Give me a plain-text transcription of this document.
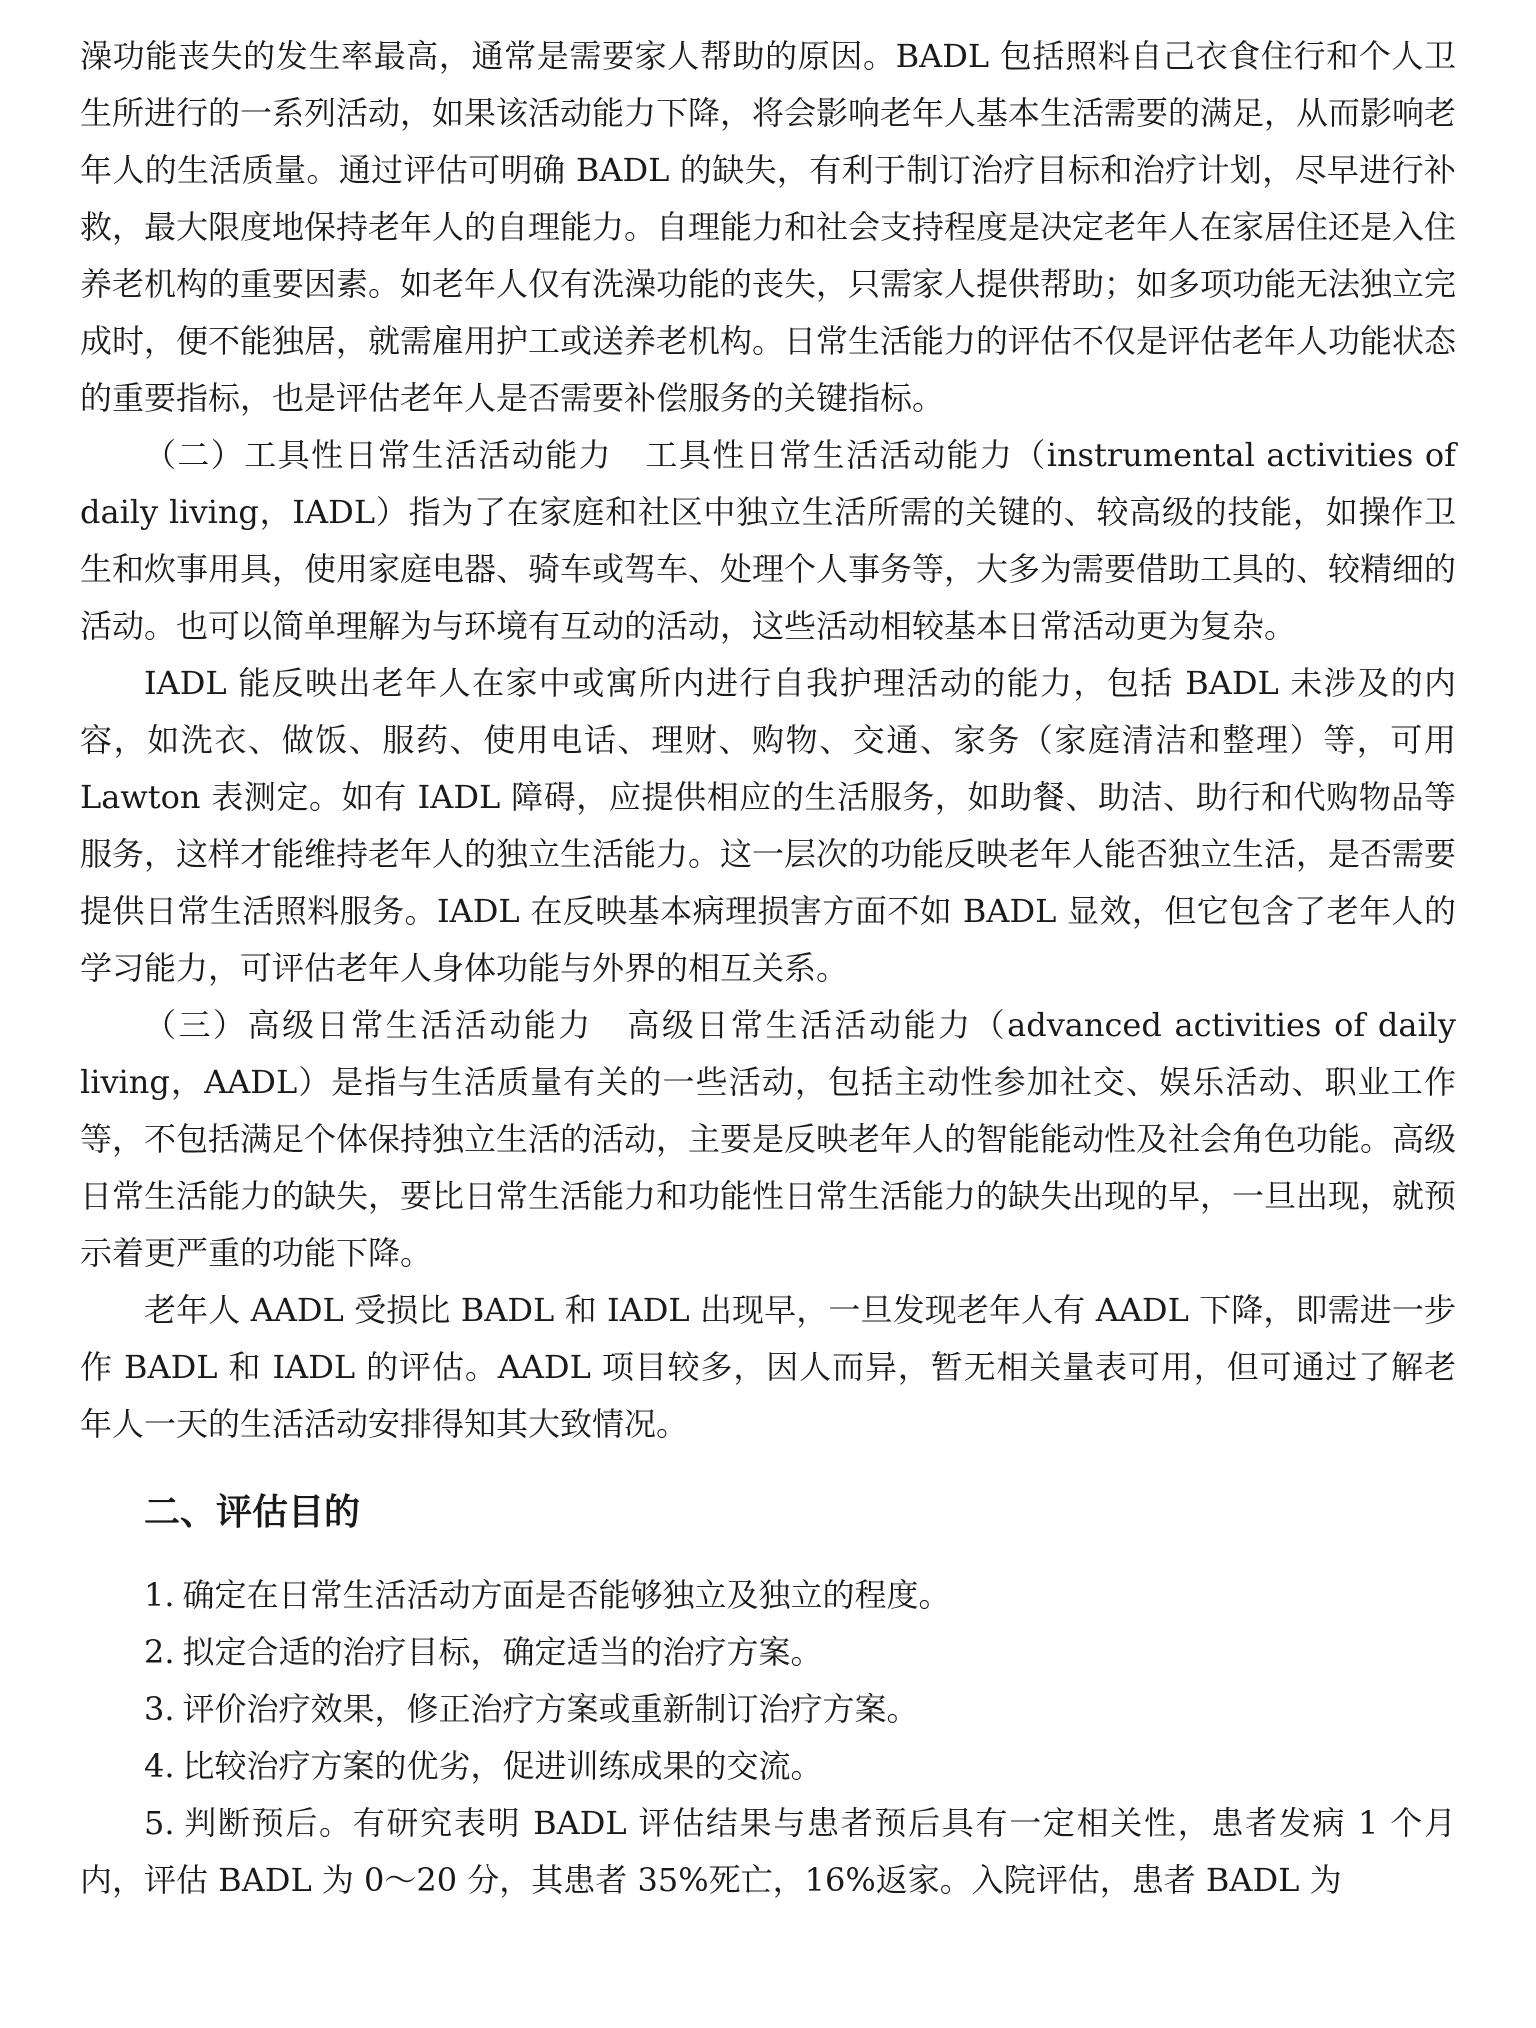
澡功能丧失的发生率最高，通常是需要家人帮助的原因。BADL 包括照料自己衣食住行和个人卫生所进行的一系列活动，如果该活动能力下降，将会影响老年人基本生活需要的满足，从而影响老年人的生活质量。通过评估可明确 BADL 的缺失，有利于制订治疗目标和治疗计划，尽早进行补救，最大限度地保持老年人的自理能力。自理能力和社会支持程度是决定老年人在家居住还是入住养老机构的重要因素。如老年人仅有洗澡功能的丧失，只需家人提供帮助；如多项功能无法独立完成时，便不能独居，就需雇用护工或送养老机构。日常生活能力的评估不仅是评估老年人功能状态的重要指标，也是评估老年人是否需要补偿服务的关键指标。

（二）工具性日常生活活动能力　工具性日常生活活动能力（instrumental activities of daily living，IADL）指为了在家庭和社区中独立生活所需的关键的、较高级的技能，如操作卫生和炊事用具，使用家庭电器、骑车或驾车、处理个人事务等，大多为需要借助工具的、较精细的活动。也可以简单理解为与环境有互动的活动，这些活动相较基本日常活动更为复杂。

IADL 能反映出老年人在家中或寓所内进行自我护理活动的能力，包括 BADL 未涉及的内容，如洗衣、做饭、服药、使用电话、理财、购物、交通、家务（家庭清洁和整理）等，可用 Lawton 表测定。如有 IADL 障碍，应提供相应的生活服务，如助餐、助洁、助行和代购物品等服务，这样才能维持老年人的独立生活能力。这一层次的功能反映老年人能否独立生活，是否需要提供日常生活照料服务。IADL 在反映基本病理损害方面不如 BADL 显效，但它包含了老年人的学习能力，可评估老年人身体功能与外界的相互关系。

（三）高级日常生活活动能力　高级日常生活活动能力（advanced activities of daily living，AADL）是指与生活质量有关的一些活动，包括主动性参加社交、娱乐活动、职业工作等，不包括满足个体保持独立生活的活动，主要是反映老年人的智能能动性及社会角色功能。高级日常生活能力的缺失，要比日常生活能力和功能性日常生活能力的缺失出现的早，一旦出现，就预示着更严重的功能下降。

老年人 AADL 受损比 BADL 和 IADL 出现早，一旦发现老年人有 AADL 下降，即需进一步作 BADL 和 IADL 的评估。AADL 项目较多，因人而异，暂无相关量表可用，但可通过了解老年人一天的生活活动安排得知其大致情况。

二、评估目的
1. 确定在日常生活活动方面是否能够独立及独立的程度。
2. 拟定合适的治疗目标，确定适当的治疗方案。
3. 评价治疗效果，修正治疗方案或重新制订治疗方案。
4. 比较治疗方案的优劣，促进训练成果的交流。
5. 判断预后。有研究表明 BADL 评估结果与患者预后具有一定相关性，患者发病 1 个月内，评估 BADL 为 0～20 分，其患者 35%死亡，16%返家。入院评估，患者 BADL 为
